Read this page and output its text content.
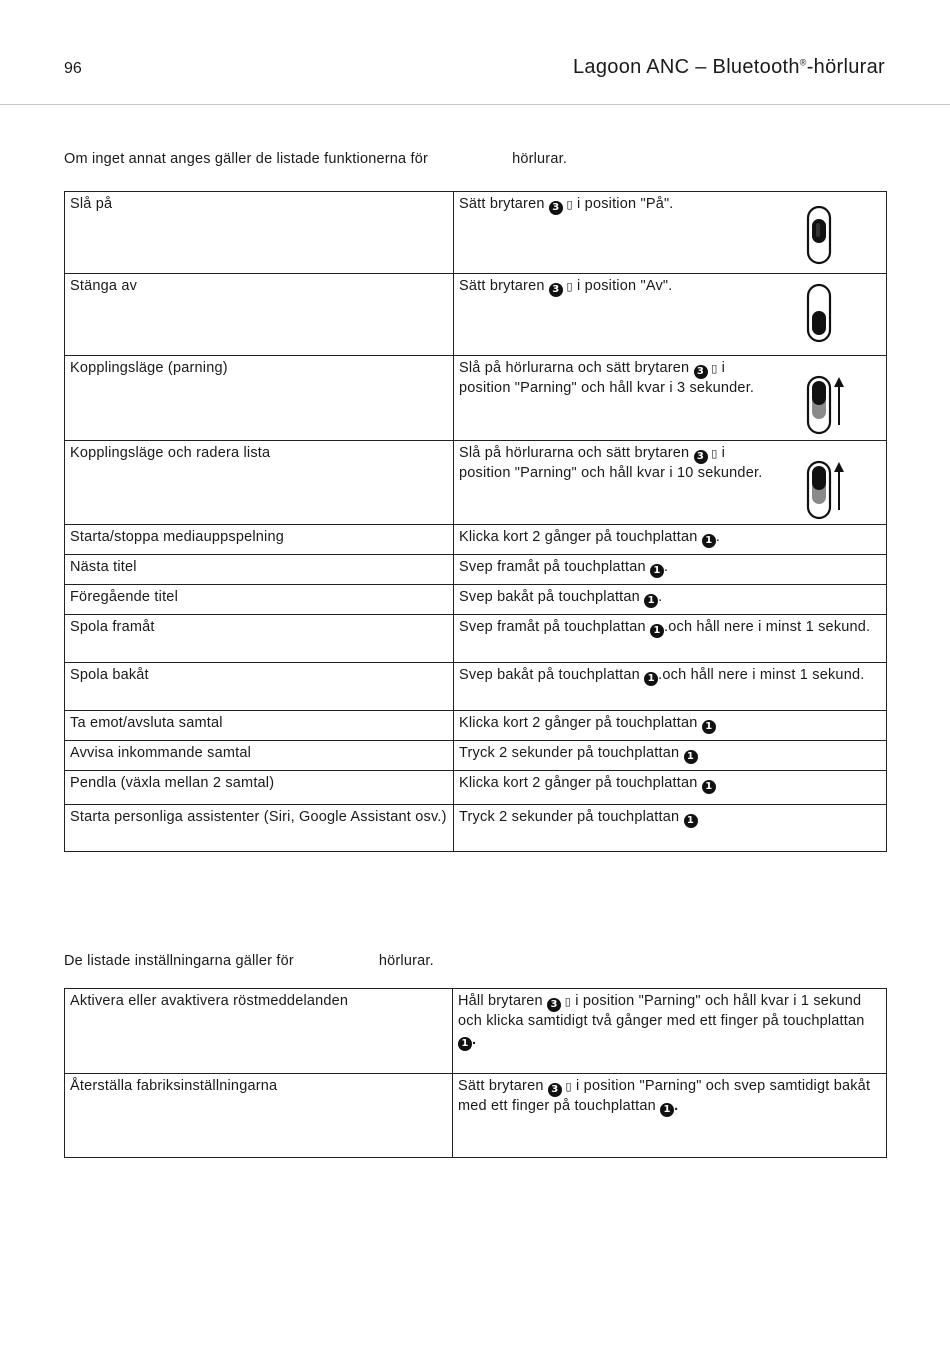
96	Lagoon ANC – Bluetooth®-hörlurar
Om inget annat anges gäller de listade funktionerna för	hörlurar.
Slå på	Sätt brytaren 3 ▯ i position "På".

Stänga av	Sätt brytaren 3 ▯ i position "Av".

Kopplingsläge (parning)	Slå på hörlurarna och sätt brytaren 3 ▯ i position "Parning" och håll kvar i 3 sekunder.

Kopplingsläge och radera lista	Slå på hörlurarna och sätt brytaren 3 ▯ i position "Parning" och håll kvar i 10 sekunder.

Starta/stoppa mediauppspelning	Klicka kort 2 gånger på touchplattan 1 .

Nästa titel	Svep framåt på touchplattan 1 .

Föregående titel	Svep bakåt på touchplattan 1 .

Spola framåt	Svep framåt på touchplattan 1 .och håll nere i minst 1 sekund.

Spola bakåt	Svep bakåt på touchplattan 1 .och håll nere i minst 1 sekund.

Ta emot/avsluta samtal	Klicka kort 2 gånger på touchplattan 1

Avvisa inkommande samtal	Tryck 2 sekunder på touchplattan 1

Pendla (växla mellan 2 samtal)	Klicka kort 2 gånger på touchplattan 1

Starta personliga assistenter (Siri, Google Assistant osv.)	Tryck 2 sekunder på touchplattan 1
De listade inställningarna gäller för	hörlurar.
Aktivera eller avaktivera röstmeddelanden	Håll brytaren 3 ▯ i position "Parning" och håll kvar i 1 sekund och klicka samtidigt två gånger med ett finger på touchplattan 1 .

Återställa fabriksinställningarna	Sätt brytaren 3 ▯ i position "Parning" och svep samtidigt bakåt med ett finger på touchplattan 1 .
